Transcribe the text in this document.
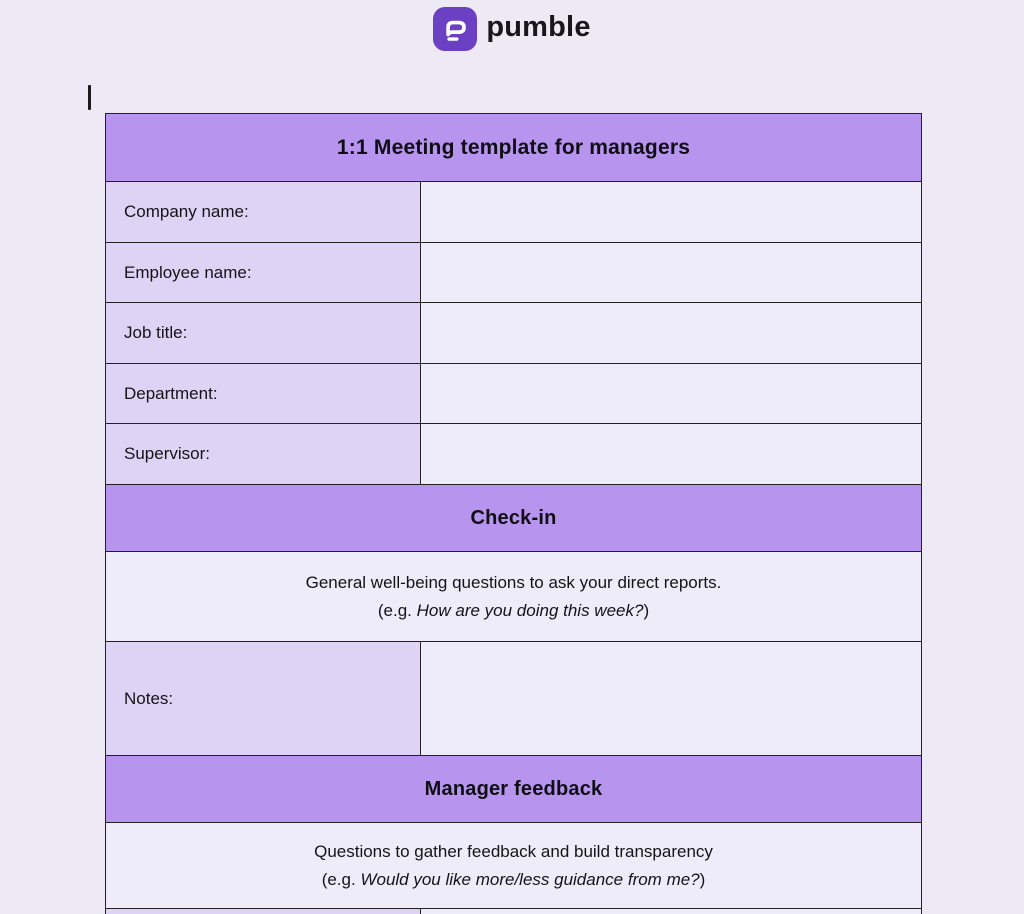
pumble
1:1 Meeting template for managers
Company name:
Employee name:
Job title:
Department:
Supervisor:
Check-in
General well-being questions to ask your direct reports.
(e.g. How are you doing this week?)
Notes:
Manager feedback
Questions to gather feedback and build transparency
(e.g. Would you like more/less guidance from me?)
